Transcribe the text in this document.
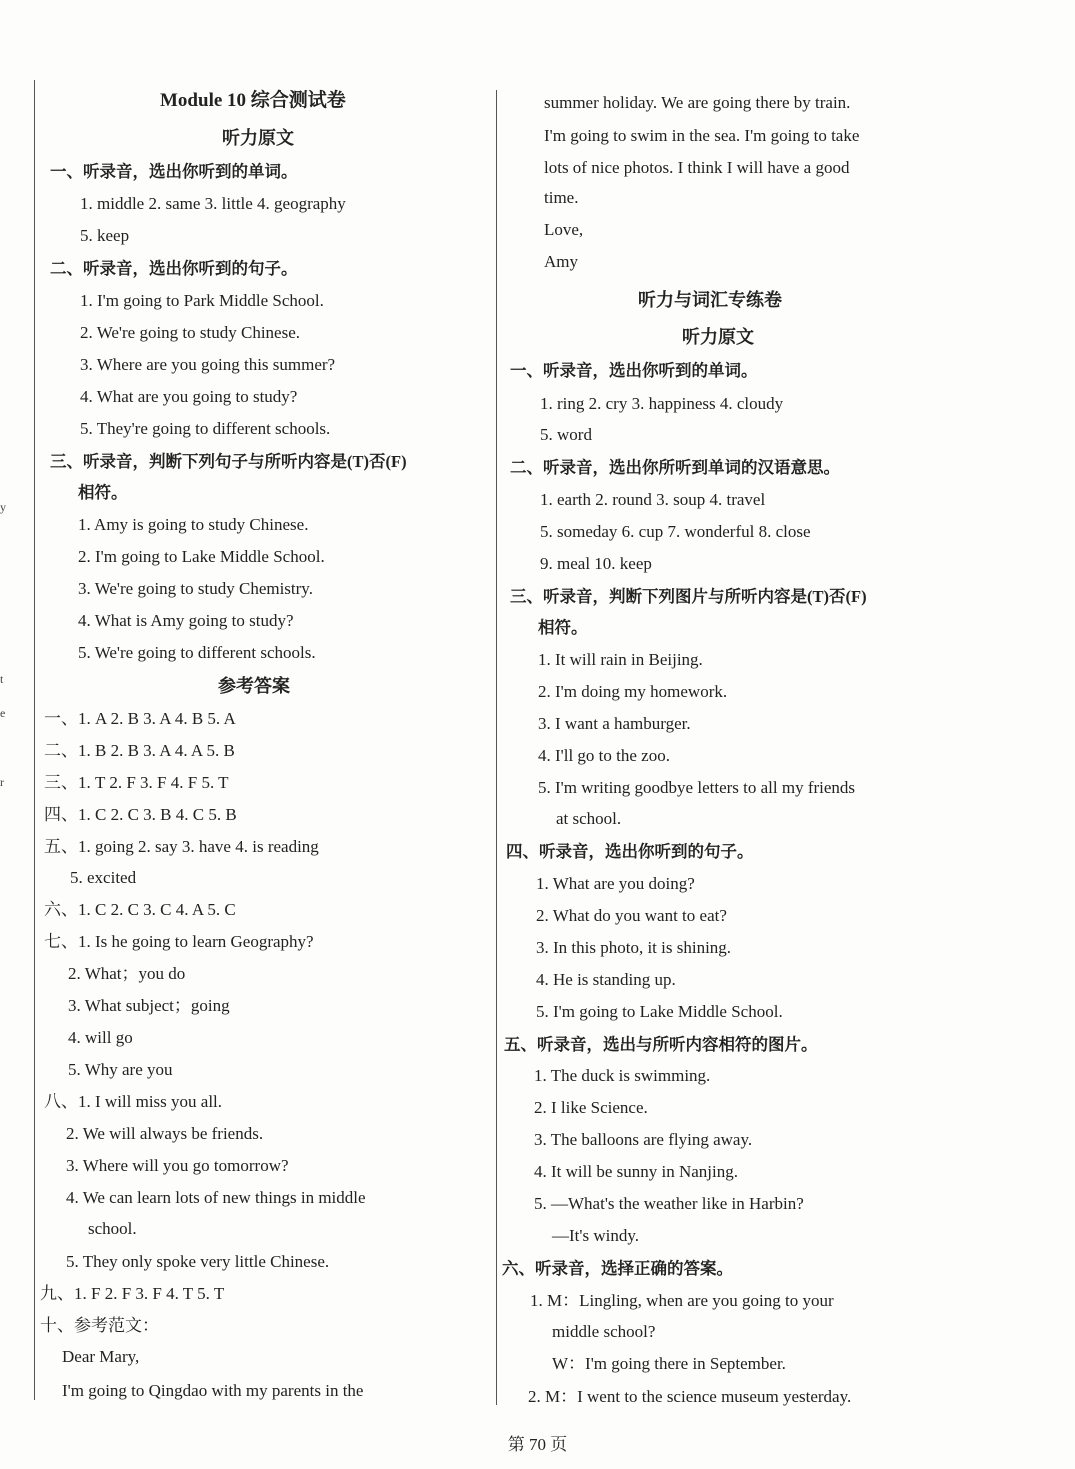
Module 10 综合测试卷
听力原文
一、听录音，选出你听到的单词。
1. middle 2. same 3. little 4. geography
5. keep
二、听录音，选出你听到的句子。
1. I'm going to Park Middle School.
2. We're going to study Chinese.
3. Where are you going this summer?
4. What are you going to study?
5. They're going to different schools.
三、听录音，判断下列句子与所听内容是(T)否(F)
相符。
1. Amy is going to study Chinese.
2. I'm going to Lake Middle School.
3. We're going to study Chemistry.
4. What is Amy going to study?
5. We're going to different schools.
参考答案
一、1. A 2. B 3. A 4. B 5. A
二、1. B 2. B 3. A 4. A 5. B
三、1. T 2. F 3. F 4. F 5. T
四、1. C 2. C 3. B 4. C 5. B
五、1. going 2. say 3. have 4. is reading
5. excited
六、1. C 2. C 3. C 4. A 5. C
七、1. Is he going to learn Geography?
2. What；you do
3. What subject；going
4. will go
5. Why are you
八、1. I will miss you all.
2. We will always be friends.
3. Where will you go tomorrow?
4. We can learn lots of new things in middle
school.
5. They only spoke very little Chinese.
九、1. F 2. F 3. F 4. T 5. T
十、参考范文：
Dear Mary,
I'm going to Qingdao with my parents in the
summer holiday. We are going there by train.
I'm going to swim in the sea. I'm going to take
lots of nice photos. I think I will have a good
time.
Love,
Amy
听力与词汇专练卷
听力原文
一、听录音，选出你听到的单词。
1. ring 2. cry 3. happiness 4. cloudy
5. word
二、听录音，选出你所听到单词的汉语意思。
1. earth 2. round 3. soup 4. travel
5. someday 6. cup 7. wonderful 8. close
9. meal 10. keep
三、听录音，判断下列图片与所听内容是(T)否(F)
相符。
1. It will rain in Beijing.
2. I'm doing my homework.
3. I want a hamburger.
4. I'll go to the zoo.
5. I'm writing goodbye letters to all my friends
at school.
四、听录音，选出你听到的句子。
1. What are you doing?
2. What do you want to eat?
3. In this photo, it is shining.
4. He is standing up.
5. I'm going to Lake Middle School.
五、听录音，选出与所听内容相符的图片。
1. The duck is swimming.
2. I like Science.
3. The balloons are flying away.
4. It will be sunny in Nanjing.
5. —What's the weather like in Harbin?
—It's windy.
六、听录音，选择正确的答案。
1. M：Lingling, when are you going to your
middle school?
W：I'm going there in September.
2. M：I went to the science museum yesterday.
y
t
e
r
第 70 页
